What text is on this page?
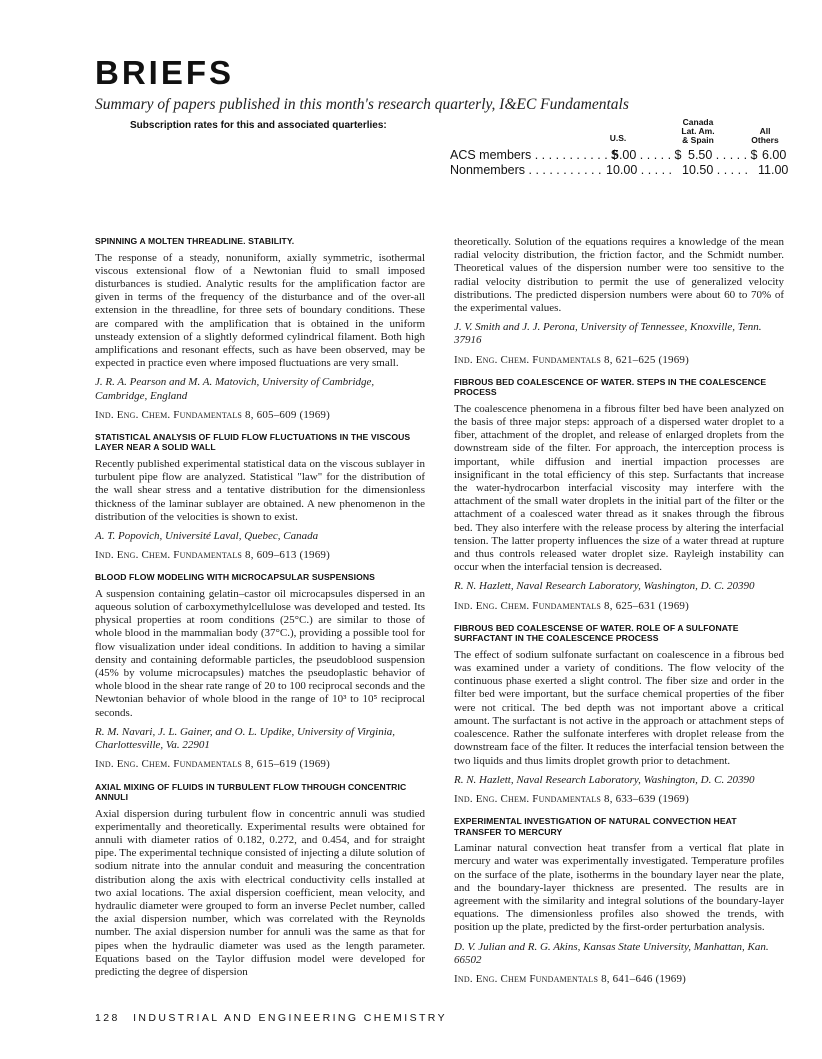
BRIEFS
Summary of papers published in this month's research quarterly, I&EC Fundamentals
Subscription rates for this and associated quarterlies:
U.S.
Canada
Lat. Am.
& Spain
All
Others
ACS members . . . . . . . . . . . $
5.00 . . . . . $ 5.50 . . . . . $ 6.00
Nonmembers . . . . . . . . . . . 10.00 . . . . . 10.50 . . . . . 11.00

SPINNING A MOLTEN THREADLINE. STABILITY.

The response of a steady, nonuniform, axially symmetric, isothermal viscous extensional flow of a Newtonian fluid to small imposed disturbances is studied. Analytic results for the amplification factor are given in terms of the frequency of the disturbance and of the over-all extension in the threadline, for three sets of boundary conditions. These are compared with the amplification that is obtained in the uniform unsteady extension of a slightly deformed cylindrical filament. Both high amplifications and resonant effects, such as have been observed, may be expected in practice even where imposed fluctuations are very small.

J. R. A. Pearson and M. A. Matovich, University of Cambridge, Cambridge, England

Ind. Eng. Chem. Fundamentals 8, 605–609 (1969)

STATISTICAL ANALYSIS OF FLUID FLOW FLUCTUATIONS IN THE VISCOUS LAYER NEAR A SOLID WALL

Recently published experimental statistical data on the viscous sublayer in turbulent pipe flow are analyzed. Statistical "law" for the distribution of the wall shear stress and a tentative distribution for the dimensionless thickness of the laminar sublayer are obtained. A new phenomenon in the distribution of the velocities is shown to exist.

A. T. Popovich, Université Laval, Quebec, Canada

Ind. Eng. Chem. Fundamentals 8, 609–613 (1969)

BLOOD FLOW MODELING WITH MICROCAPSULAR SUSPENSIONS

A suspension containing gelatin–castor oil microcapsules dispersed in an aqueous solution of carboxymethylcellulose was developed and tested. Its physical properties at room conditions (25°C.) are similar to those of whole blood in the mammalian body (37°C.), providing a possible tool for flow visualization under ideal conditions. In addition to having a similar density and containing deformable particles, the pseudoblood suspension (45% by volume microcapsules) matches the pseudoplastic behavior of whole blood in the shear rate range of 20 to 100 reciprocal seconds and the Newtonian behavior of whole blood in the range of 10³ to 10⁵ reciprocal seconds.

R. M. Navari, J. L. Gainer, and O. L. Updike, University of Virginia, Charlottesville, Va. 22901

Ind. Eng. Chem. Fundamentals 8, 615–619 (1969)

AXIAL MIXING OF FLUIDS IN TURBULENT FLOW THROUGH CONCENTRIC ANNULI

Axial dispersion during turbulent flow in concentric annuli was studied experimentally and theoretically. Experimental results were obtained for annuli with diameter ratios of 0.182, 0.272, and 0.454, and for straight pipe. The experimental technique consisted of injecting a dilute solution of sodium nitrate into the annular conduit and measuring the concentration distribution along the axis with electrical conductivity cells installed at two axial locations. The axial dispersion coefficient, mean velocity, and hydraulic diameter were grouped to form an inverse Peclet number, called the axial dispersion number, which was correlated with the Reynolds number. The axial dispersion number for annuli was the same as that for pipes when the hydraulic diameter was used as the length parameter. Equations based on the Taylor diffusion model were developed for predicting the degree of dispersion

theoretically. Solution of the equations requires a knowledge of the mean radial velocity distribution, the friction factor, and the Schmidt number. Theoretical values of the dispersion number were too sensitive to the radial velocity distribution to permit the use of generalized velocity distributions. The predicted dispersion numbers were about 60 to 70% of the experimental values.

J. V. Smith and J. J. Perona, University of Tennessee, Knoxville, Tenn. 37916

Ind. Eng. Chem. Fundamentals 8, 621–625 (1969)

FIBROUS BED COALESCENCE OF WATER. STEPS IN THE COALESCENCE PROCESS

The coalescence phenomena in a fibrous filter bed have been analyzed on the basis of three major steps: approach of a dispersed water droplet to a fiber, attachment of the droplet, and release of enlarged droplets from the downstream side of the filter. For approach, the interception process is important, while diffusion and inertial impaction processes are insignificant in the total efficiency of this step. Surfactants that increase the water-hydrocarbon interfacial viscosity may interfere with the attachment of the small water droplets in the initial part of the filter or the attachment of a coalesced water thread as it snakes through the fibrous bed. They also interfere with the release process by altering the interfacial tension. The latter property influences the size of a water thread at rupture and thus controls released water droplet size. Rayleigh instability can occur when the interfacial tension is decreased.

R. N. Hazlett, Naval Research Laboratory, Washington, D. C. 20390

Ind. Eng. Chem. Fundamentals 8, 625–631 (1969)

FIBROUS BED COALESCENSE OF WATER. ROLE OF A SULFONATE SURFACTANT IN THE COALESCENCE PROCESS

The effect of sodium sulfonate surfactant on coalescence in a fibrous bed was examined under a variety of conditions. The flow velocity of the continuous phase exerted a slight control. The fiber size and order in the filter bed were important, but the surface chemical properties of the fiber were not critical. The bed depth was not important above a critical amount. The surfactant is not active in the approach or attachment steps of coalescence. Rather the sulfonate interferes with droplet release from the downstream face of the filter. It reduces the interfacial tension between the two liquids and thus limits droplet growth prior to detachment.

R. N. Hazlett, Naval Research Laboratory, Washington, D. C. 20390

Ind. Eng. Chem. Fundamentals 8, 633–639 (1969)

EXPERIMENTAL INVESTIGATION OF NATURAL CONVECTION HEAT TRANSFER TO MERCURY

Laminar natural convection heat transfer from a vertical flat plate in mercury and water was experimentally investigated. Temperature profiles on the surface of the plate, isotherms in the boundary layer near the plate, and the boundary-layer thickness are presented. The results are in agreement with the similarity and integral solutions of the boundary-layer equations. The dimensionless profiles also showed the trends, with position up the plate, predicted by the first-order perturbation analysis.

D. V. Julian and R. G. Akins, Kansas State University, Manhattan, Kan. 66502

Ind. Eng. Chem Fundamentals 8, 641–646 (1969)

128 INDUSTRIAL AND ENGINEERING CHEMISTRY
